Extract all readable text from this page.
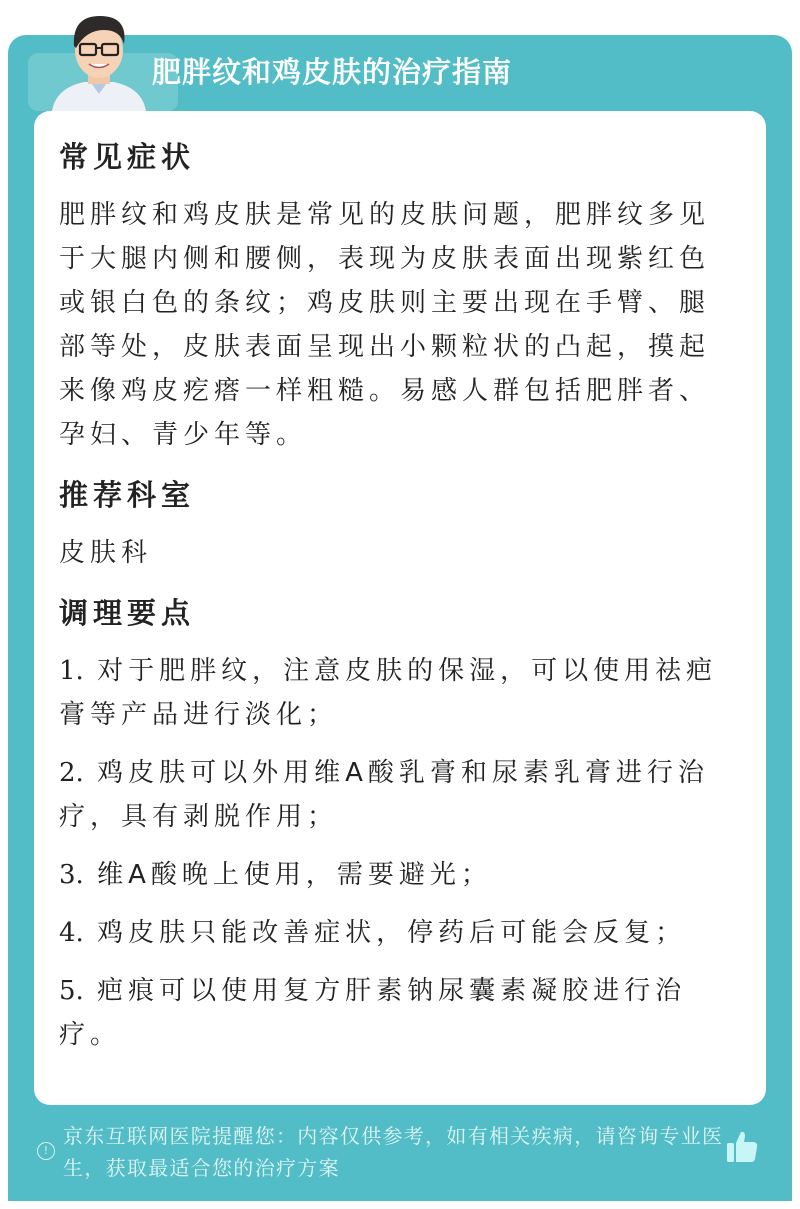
肥胖纹和鸡皮肤的治疗指南
常见症状

肥胖纹和鸡皮肤是常见的皮肤问题，肥胖纹多见于大腿内侧和腰侧，表现为皮肤表面出现紫红色或银白色的条纹；鸡皮肤则主要出现在手臂、腿部等处，皮肤表面呈现出小颗粒状的凸起，摸起来像鸡皮疙瘩一样粗糙。易感人群包括肥胖者、孕妇、青少年等。

推荐科室

皮肤科

调理要点

1. 对于肥胖纹，注意皮肤的保湿，可以使用祛疤膏等产品进行淡化；

2. 鸡皮肤可以外用维A酸乳膏和尿素乳膏进行治疗，具有剥脱作用；

3. 维A酸晚上使用，需要避光；

4. 鸡皮肤只能改善症状，停药后可能会反复；

5. 疤痕可以使用复方肝素钠尿囊素凝胶进行治疗。

!
京东互联网医院提醒您：内容仅供参考，如有相关疾病，请咨询专业医生，获取最适合您的治疗方案
